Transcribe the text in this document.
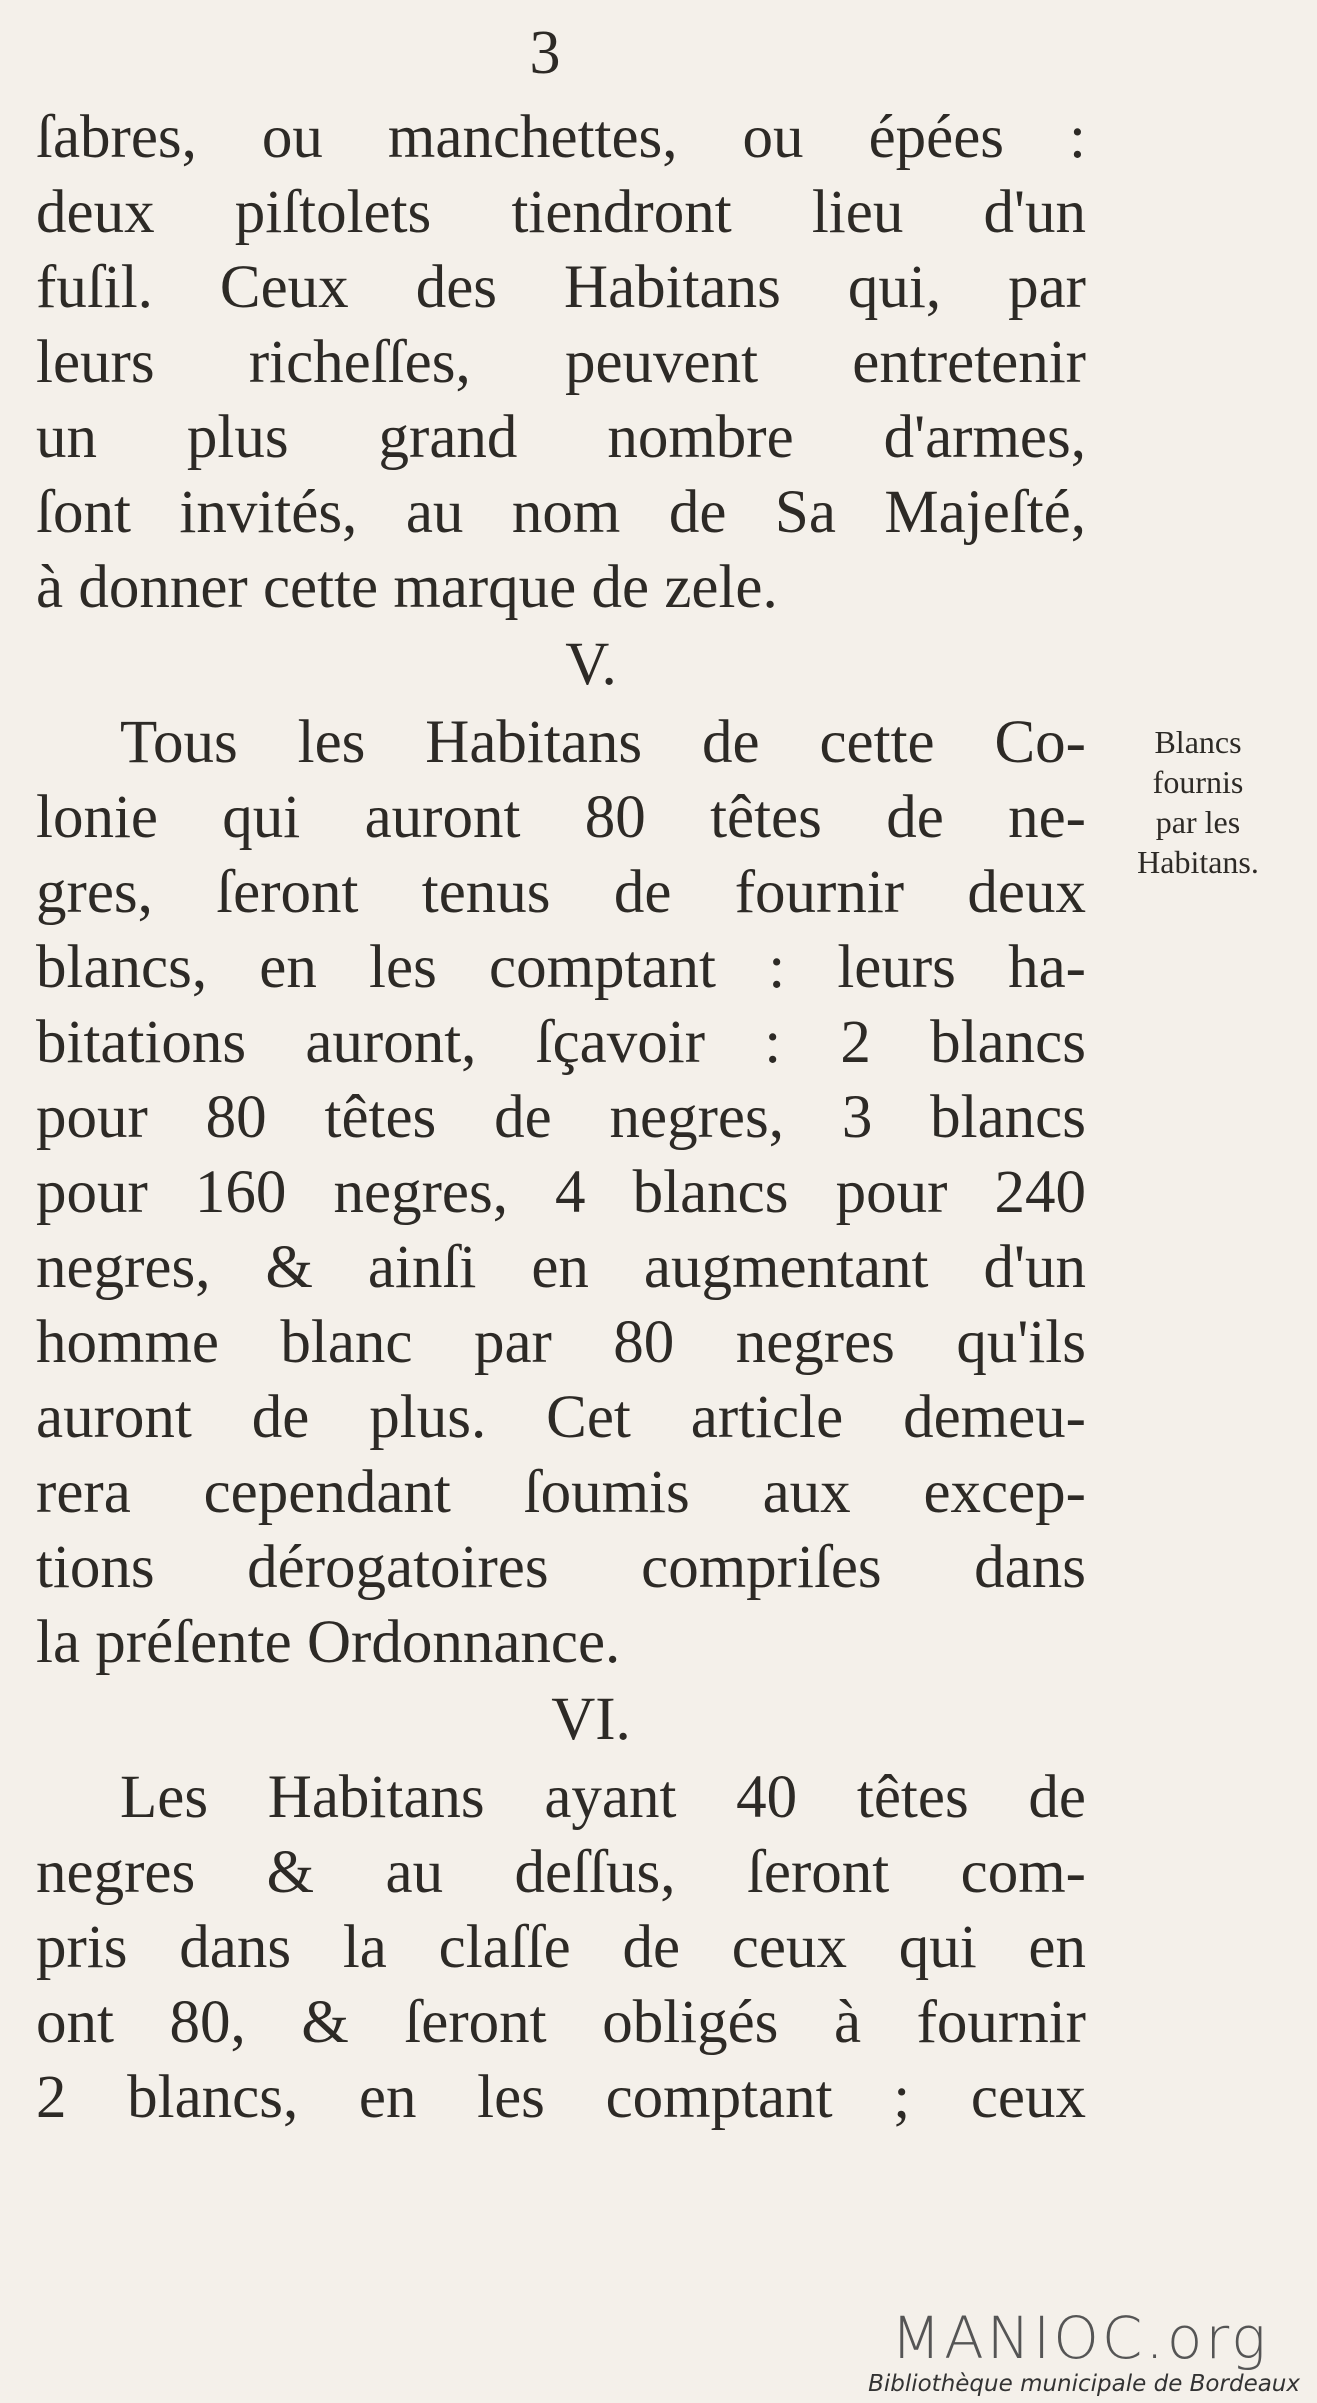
3
ſabres, ou manchettes, ou épées :
deux piſtolets tiendront lieu d'un
fuſil. Ceux des Habitans qui, par
leurs richeſſes, peuvent entretenir
un plus grand nombre d'armes,
ſont invités, au nom de Sa Majeſté,
à donner cette marque de zele.
V.
Tous les Habitans de cette Co-
lonie qui auront 80 têtes de ne-
gres, ſeront tenus de fournir deux
blancs, en les comptant : leurs ha-
bitations auront, ſçavoir : 2 blancs
pour 80 têtes de negres, 3 blancs
pour 160 negres, 4 blancs pour 240
negres, & ainſi en augmentant d'un
homme blanc par 80 negres qu'ils
auront de plus. Cet article demeu-
rera cependant ſoumis aux excep-
tions dérogatoires compriſes dans
la préſente Ordonnance.
VI.
Les Habitans ayant 40 têtes de
negres & au deſſus, ſeront com-
pris dans la claſſe de ceux qui en
ont 80, & ſeront obligés à fournir
2 blancs, en les comptant ; ceux
Blancs
fournis
par les
Habitans.
MANIOC.org
Bibliothèque municipale de Bordeaux
